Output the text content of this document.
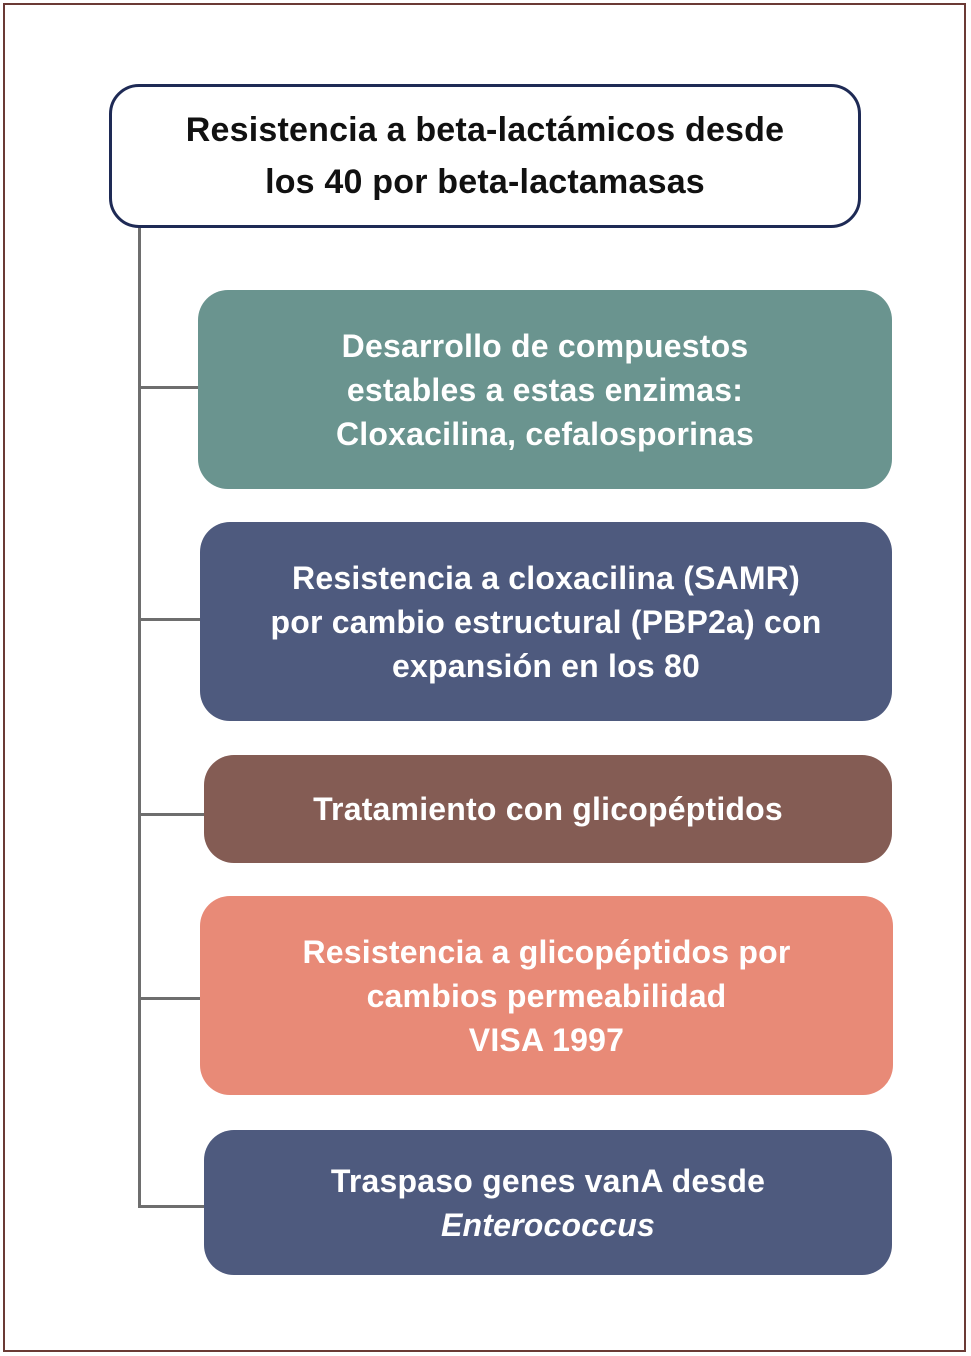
Resistencia a beta-lactámicos desde
los 40 por beta-lactamasas
Desarrollo de compuestos
estables a estas enzimas:
Cloxacilina, cefalosporinas
Resistencia a cloxacilina (SAMR)
por cambio estructural (PBP2a) con
expansión en los 80
Tratamiento con glicopéptidos
Resistencia a glicopéptidos por
cambios permeabilidad
VISA 1997
Traspaso genes vanA desde
Enterococcus
